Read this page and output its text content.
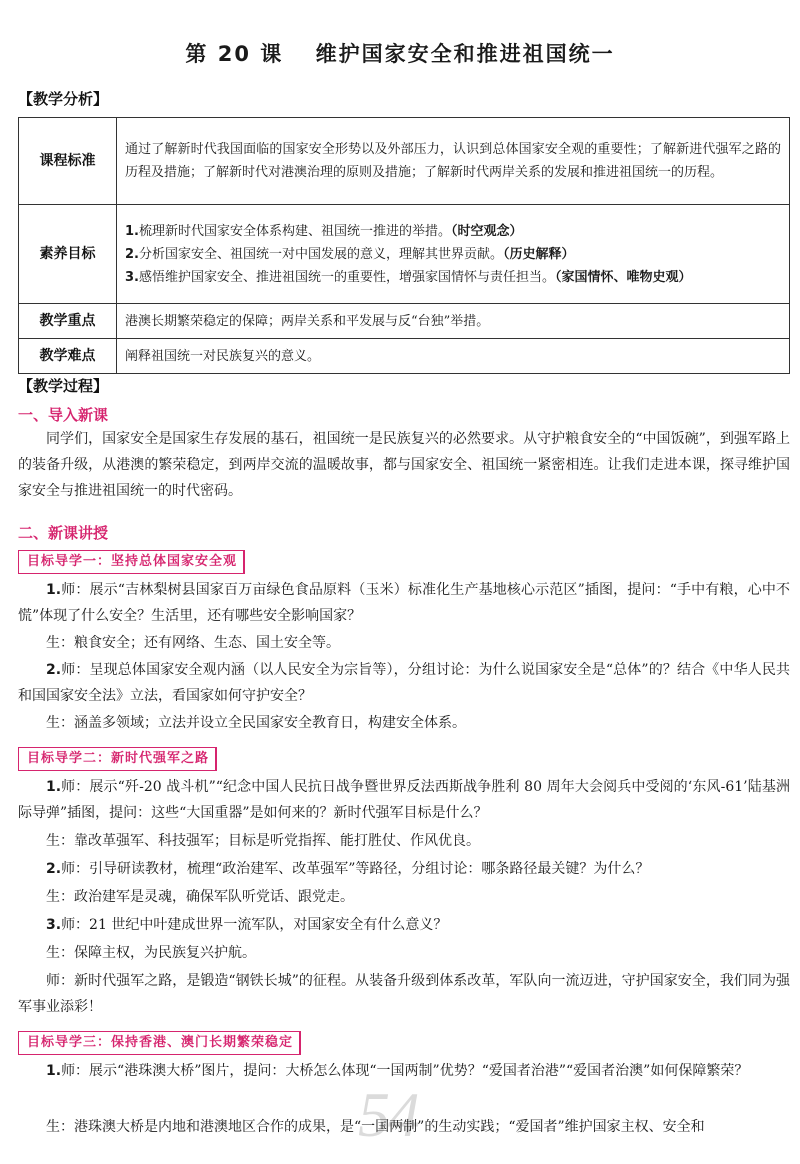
第 20 课　 维护国家安全和推进祖国统一
【教学分析】
课程标准	通过了解新时代我国面临的国家安全形势以及外部压力，认识到总体国家安全观的重要性；了解新进代强军之路的历程及措施；了解新时代对港澳治理的原则及措施；了解新时代两岸关系的发展和推进祖国统一的历程。
素养目标	1.梳理新时代国家安全体系构建、祖国统一推进的举措。（时空观念）
2.分析国家安全、祖国统一对中国发展的意义，理解其世界贡献。（历史解释）
3.感悟维护国家安全、推进祖国统一的重要性，增强家国情怀与责任担当。（家国情怀、唯物史观）

教学重点	港澳长期繁荣稳定的保障；两岸关系和平发展与反“台独”举措。
教学难点	阐释祖国统一对民族复兴的意义。
【教学过程】
一、导入新课
同学们，国家安全是国家生存发展的基石，祖国统一是民族复兴的必然要求。从守护粮食安全的“中国饭碗”，到强军路上的装备升级，从港澳的繁荣稳定，到两岸交流的温暖故事，都与国家安全、祖国统一紧密相连。让我们走进本课，探寻维护国家安全与推进祖国统一的时代密码。
二、新课讲授
目标导学一：坚持总体国家安全观
1.师：展示“吉林梨树县国家百万亩绿色食品原料（玉米）标准化生产基地核心示范区”插图，提问：“手中有粮，心中不慌”体现了什么安全？生活里，还有哪些安全影响国家？
生：粮食安全；还有网络、生态、国土安全等。
2.师：呈现总体国家安全观内涵（以人民安全为宗旨等），分组讨论：为什么说国家安全是“总体”的？结合《中华人民共和国国家安全法》立法，看国家如何守护安全？
生：涵盖多领域；立法并设立全民国家安全教育日，构建安全体系。
目标导学二：新时代强军之路
1.师：展示“歼-20 战斗机”“纪念中国人民抗日战争暨世界反法西斯战争胜利 80 周年大会阅兵中受阅的‘东风-61’陆基洲际导弹”插图，提问：这些“大国重器”是如何来的？新时代强军目标是什么？
生：靠改革强军、科技强军；目标是听党指挥、能打胜仗、作风优良。
2.师：引导研读教材，梳理“政治建军、改革强军”等路径，分组讨论：哪条路径最关键？为什么？
生：政治建军是灵魂，确保军队听党话、跟党走。
3.师：21 世纪中叶建成世界一流军队，对国家安全有什么意义？
生：保障主权，为民族复兴护航。
师：新时代强军之路，是锻造“钢铁长城”的征程。从装备升级到体系改革，军队向一流迈进，守护国家安全，我们同为强军事业添彩！
目标导学三：保持香港、澳门长期繁荣稳定
54
1.师：展示“港珠澳大桥”图片，提问：大桥怎么体现“一国两制”优势？“爱国者治港”“爱国者治澳”如何保障繁荣？
生：港珠澳大桥是内地和港澳地区合作的成果，是“一国两制”的生动实践；“爱国者”维护国家主权、安全和
